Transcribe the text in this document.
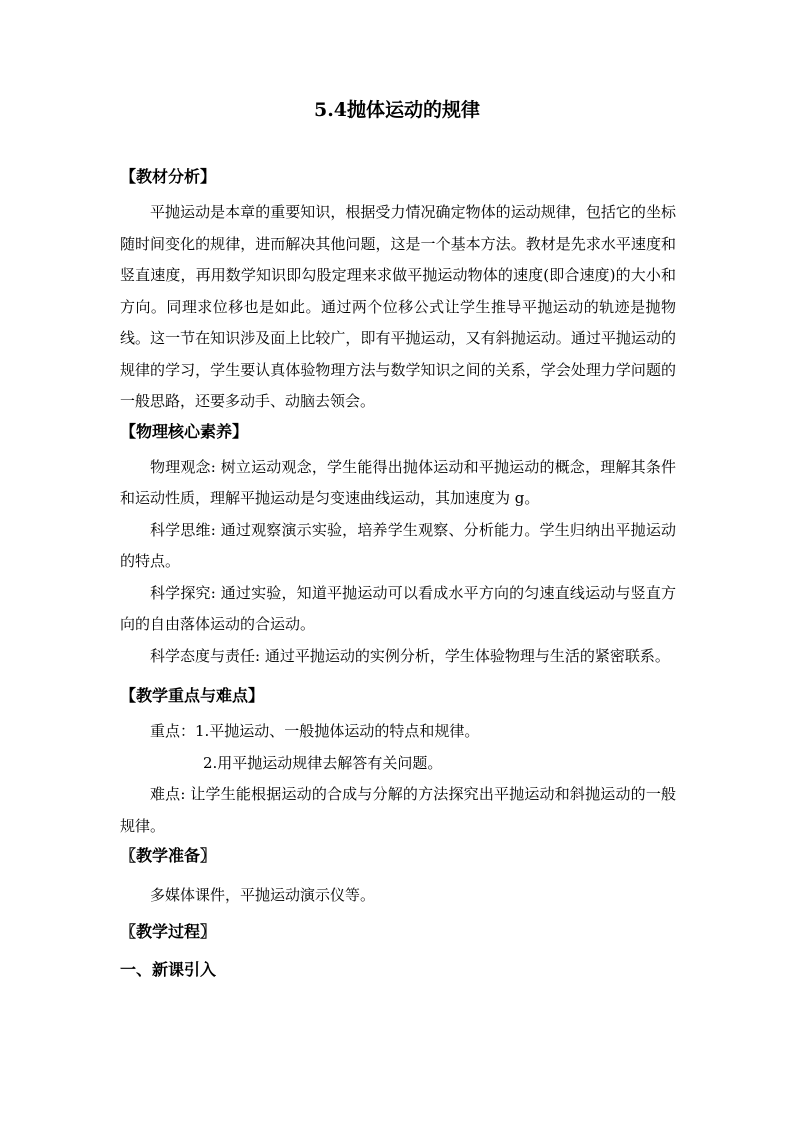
5.4抛体运动的规律
【教材分析】

平抛运动是本章的重要知识，根据受力情况确定物体的运动规律，包括它的坐标随时间变化的规律，进而解决其他问题，这是一个基本方法。教材是先求水平速度和竖直速度，再用数学知识即勾股定理来求做平抛运动物体的速度(即合速度)的大小和方向。同理求位移也是如此。通过两个位移公式让学生推导平抛运动的轨迹是抛物线。这一节在知识涉及面上比较广，即有平抛运动，又有斜抛运动。通过平抛运动的规律的学习，学生要认真体验物理方法与数学知识之间的关系，学会处理力学问题的一般思路，还要多动手、动脑去领会。

【物理核心素养】

物理观念: 树立运动观念，学生能得出抛体运动和平抛运动的概念，理解其条件和运动性质，理解平抛运动是匀变速曲线运动，其加速度为 g。

科学思维: 通过观察演示实验，培养学生观察、分析能力。学生归纳出平抛运动的特点。

科学探究: 通过实验，知道平抛运动可以看成水平方向的匀速直线运动与竖直方向的自由落体运动的合运动。

科学态度与责任: 通过平抛运动的实例分析，学生体验物理与生活的紧密联系。

【教学重点与难点】

重点：1.平抛运动、一般抛体运动的特点和规律。

2.用平抛运动规律去解答有关问题。

难点: 让学生能根据运动的合成与分解的方法探究出平抛运动和斜抛运动的一般规律。

〖教学准备〗

多媒体课件，平抛运动演示仪等。

〖教学过程〗
一、新课引入
